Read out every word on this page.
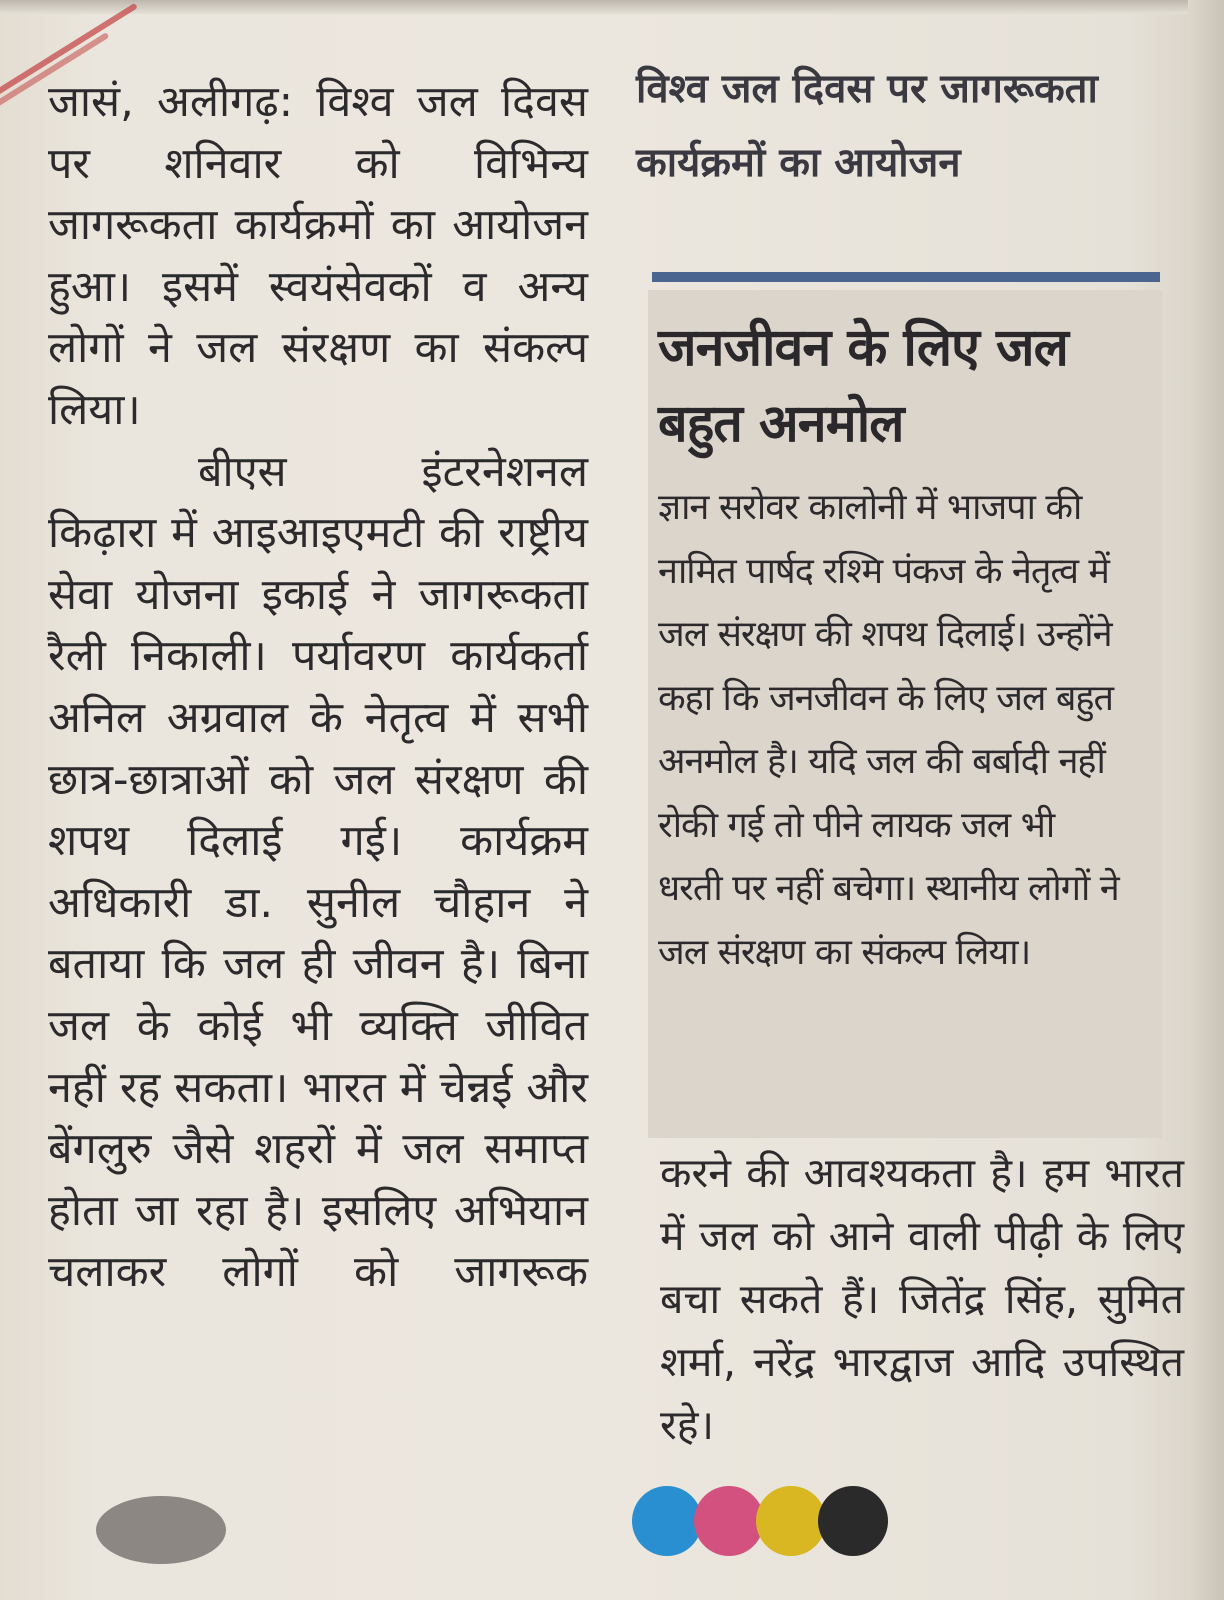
जासं, अलीगढ़: विश्व जल दिवस पर शनिवार को विभिन्य जागरूकता कार्यक्रमों का आयोजन हुआ। इसमें स्वयंसेवकों व अन्य लोगों ने जल संरक्षण का संकल्प लिया।

बीएस इंटरनेशनल किढ़ारा में आइआइएमटी की राष्ट्रीय सेवा योजना इकाई ने जागरूकता रैली निकाली। पर्यावरण कार्यकर्ता अनिल अग्रवाल के नेतृत्व में सभी छात्र-छात्राओं को जल संरक्षण की शपथ दिलाई गई। कार्यक्रम अधिकारी डा. सुनील चौहान ने बताया कि जल ही जीवन है। बिना जल के कोई भी व्यक्ति जीवित नहीं रह सकता। भारत में चेन्नई और बेंगलुरु जैसे शहरों में जल समाप्त होता जा रहा है। इसलिए अभियान चलाकर लोगों को जागरूक

विश्व जल दिवस पर जागरूकता कार्यक्रमों का आयोजन
जनजीवन के लिए जल बहुत अनमोल

ज्ञान सरोवर कालोनी में भाजपा की नामित पार्षद रश्मि पंकज के नेतृत्व में जल संरक्षण की शपथ दिलाई। उन्होंने कहा कि जनजीवन के लिए जल बहुत अनमोल है। यदि जल की बर्बादी नहीं रोकी गई तो पीने लायक जल भी धरती पर नहीं बचेगा। स्थानीय लोगों ने जल संरक्षण का संकल्प लिया।

करने की आवश्यकता है। हम भारत में जल को आने वाली पीढ़ी के लिए बचा सकते हैं। जितेंद्र सिंह, सुमित शर्मा, नरेंद्र भारद्वाज आदि उपस्थित रहे।
